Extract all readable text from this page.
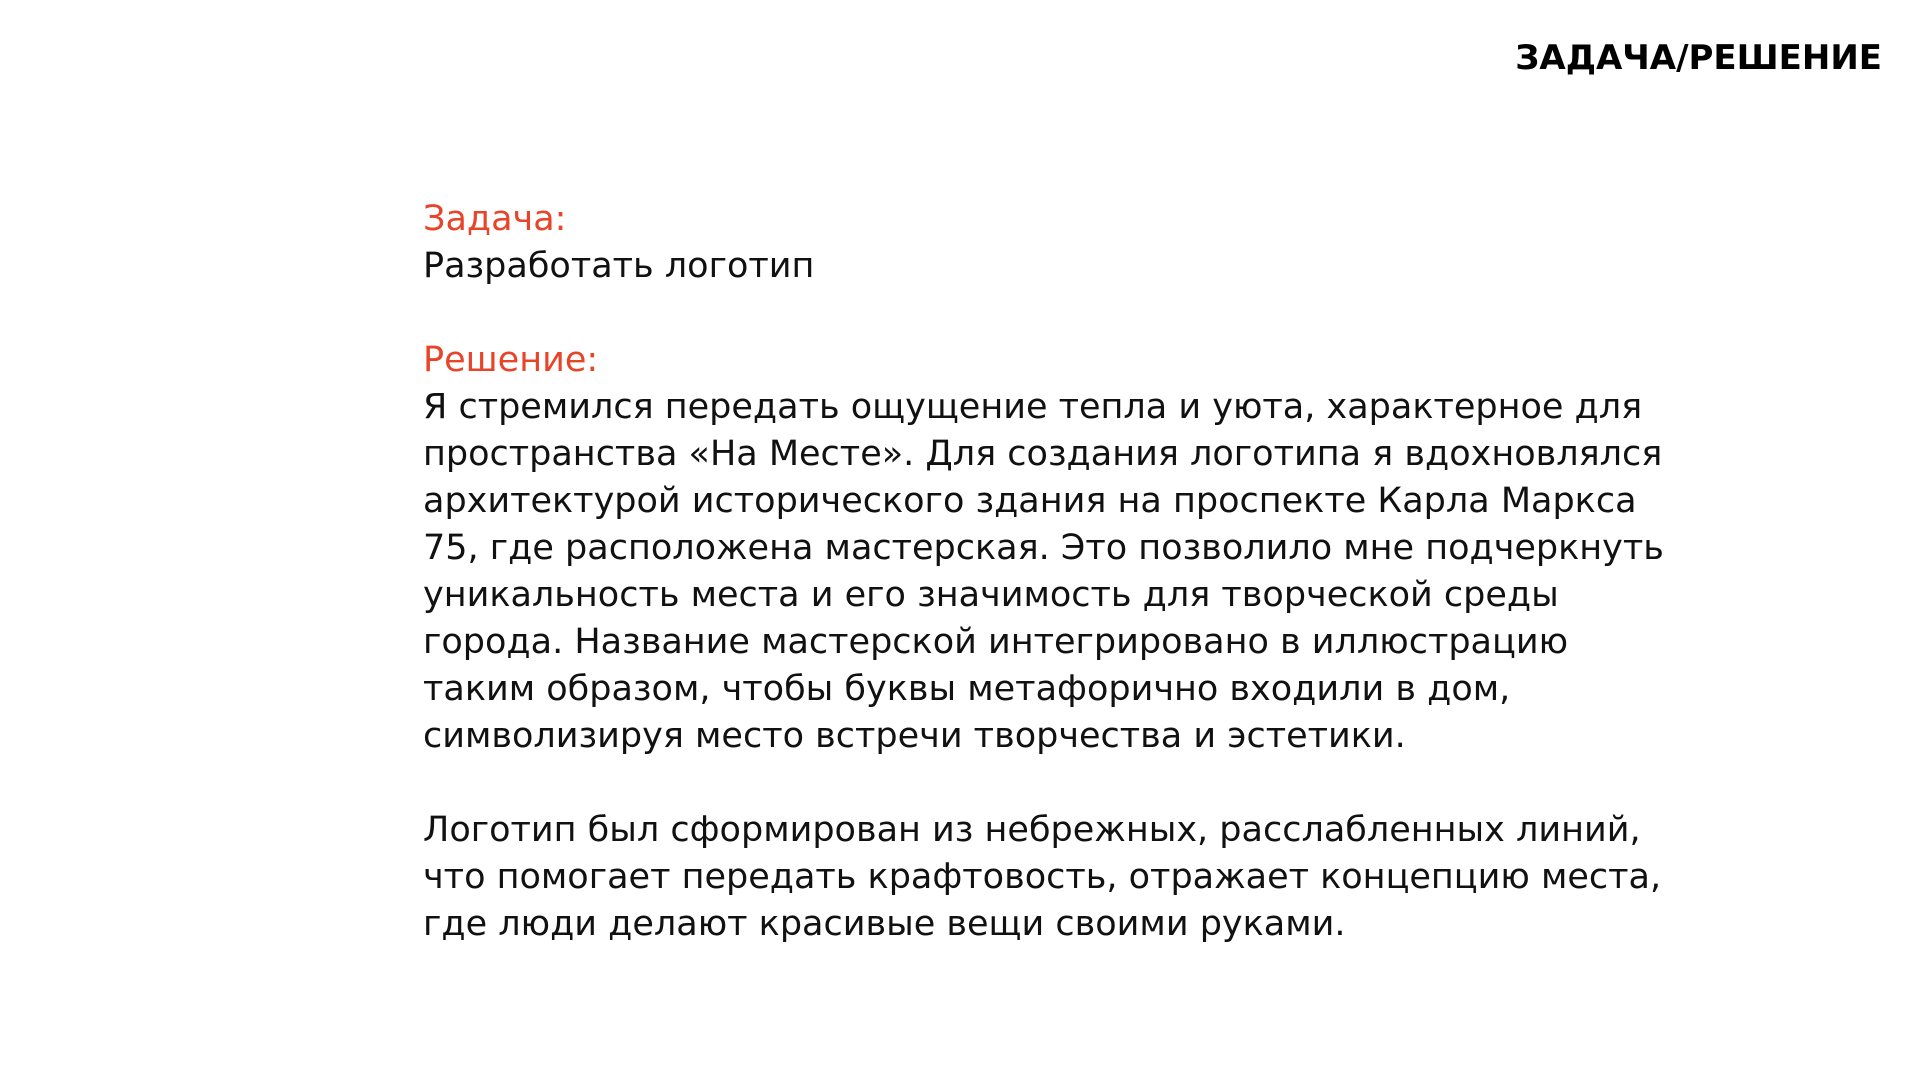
ЗАДАЧА/РЕШЕНИЕ
Задача:
Разработать логотип
Решение:
Я стремился передать ощущение тепла и уюта, характерное для
пространства «На Месте». Для создания логотипа я вдохновлялся
архитектурой исторического здания на проспекте Карла Маркса
75, где расположена мастерская. Это позволило мне подчеркнуть
уникальность места и его значимость для творческой среды
города. Название мастерской интегрировано в иллюстрацию
таким образом, чтобы буквы метафорично входили в дом,
символизируя место встречи творчества и эстетики.
Логотип был сформирован из небрежных, расслабленных линий,
что помогает передать крафтовость, отражает концепцию места,
где люди делают красивые вещи своими руками.
